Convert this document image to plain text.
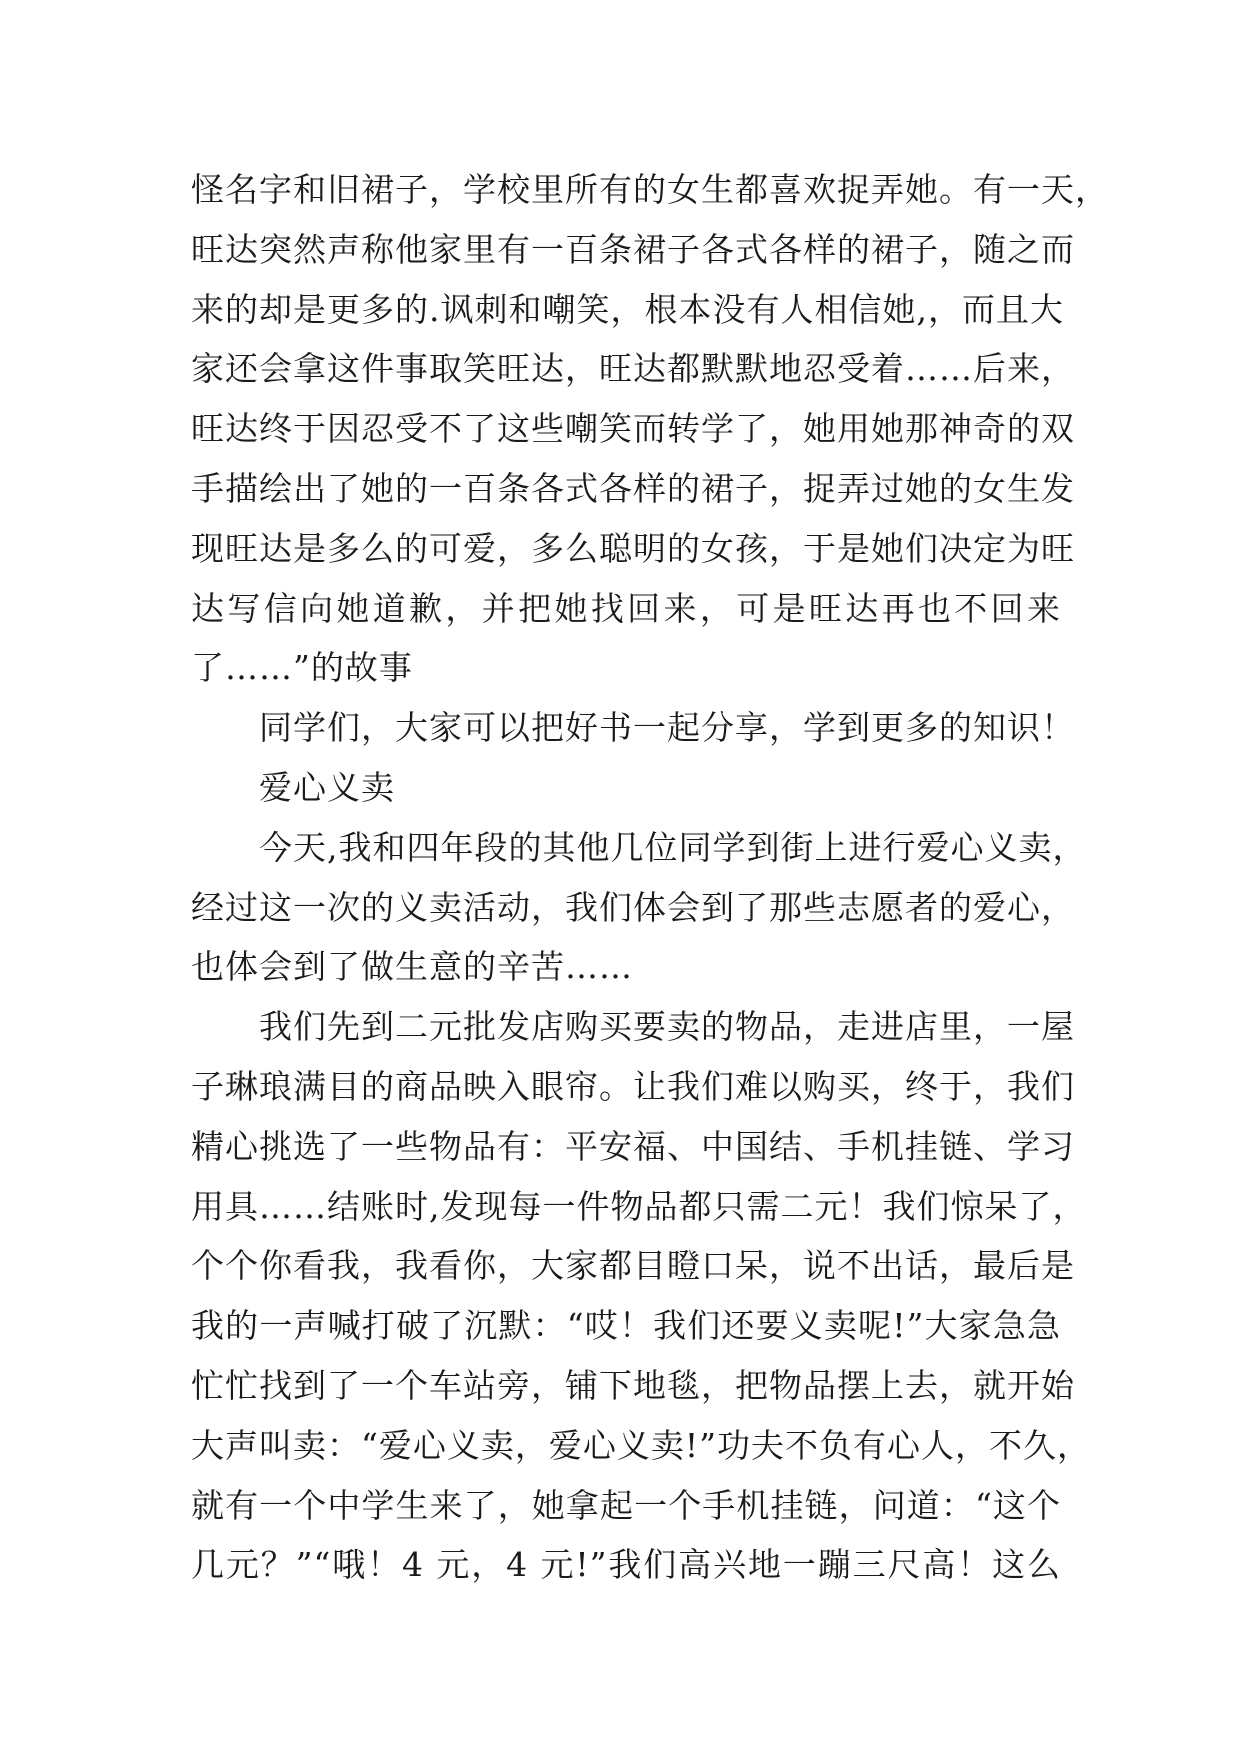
怪名字和旧裙子，学校里所有的女生都喜欢捉弄她。有一天，
旺达突然声称他家里有一百条裙子各式各样的裙子，随之而
来的却是更多的.讽刺和嘲笑，根本没有人相信她,，而且大
家还会拿这件事取笑旺达，旺达都默默地忍受着……后来，
旺达终于因忍受不了这些嘲笑而转学了，她用她那神奇的双
手描绘出了她的一百条各式各样的裙子，捉弄过她的女生发
现旺达是多么的可爱，多么聪明的女孩，于是她们决定为旺
达写信向她道歉，并把她找回来，可是旺达再也不回来
了……”的故事
同学们，大家可以把好书一起分享，学到更多的知识！
爱心义卖
今天,我和四年段的其他几位同学到街上进行爱心义卖，
经过这一次的义卖活动，我们体会到了那些志愿者的爱心，
也体会到了做生意的辛苦……
我们先到二元批发店购买要卖的物品，走进店里，一屋
子琳琅满目的商品映入眼帘。让我们难以购买，终于，我们
精心挑选了一些物品有：平安福、中国结、手机挂链、学习
用具……结账时,发现每一件物品都只需二元！我们惊呆了，
个个你看我，我看你，大家都目瞪口呆，说不出话，最后是
我的一声喊打破了沉默：“哎！我们还要义卖呢!”大家急急
忙忙找到了一个车站旁，铺下地毯，把物品摆上去，就开始
大声叫卖：“爱心义卖，爱心义卖!”功夫不负有心人，不久，
就有一个中学生来了，她拿起一个手机挂链，问道：“这个
几元？”“哦！4 元，4 元!”我们高兴地一蹦三尺高！这么
